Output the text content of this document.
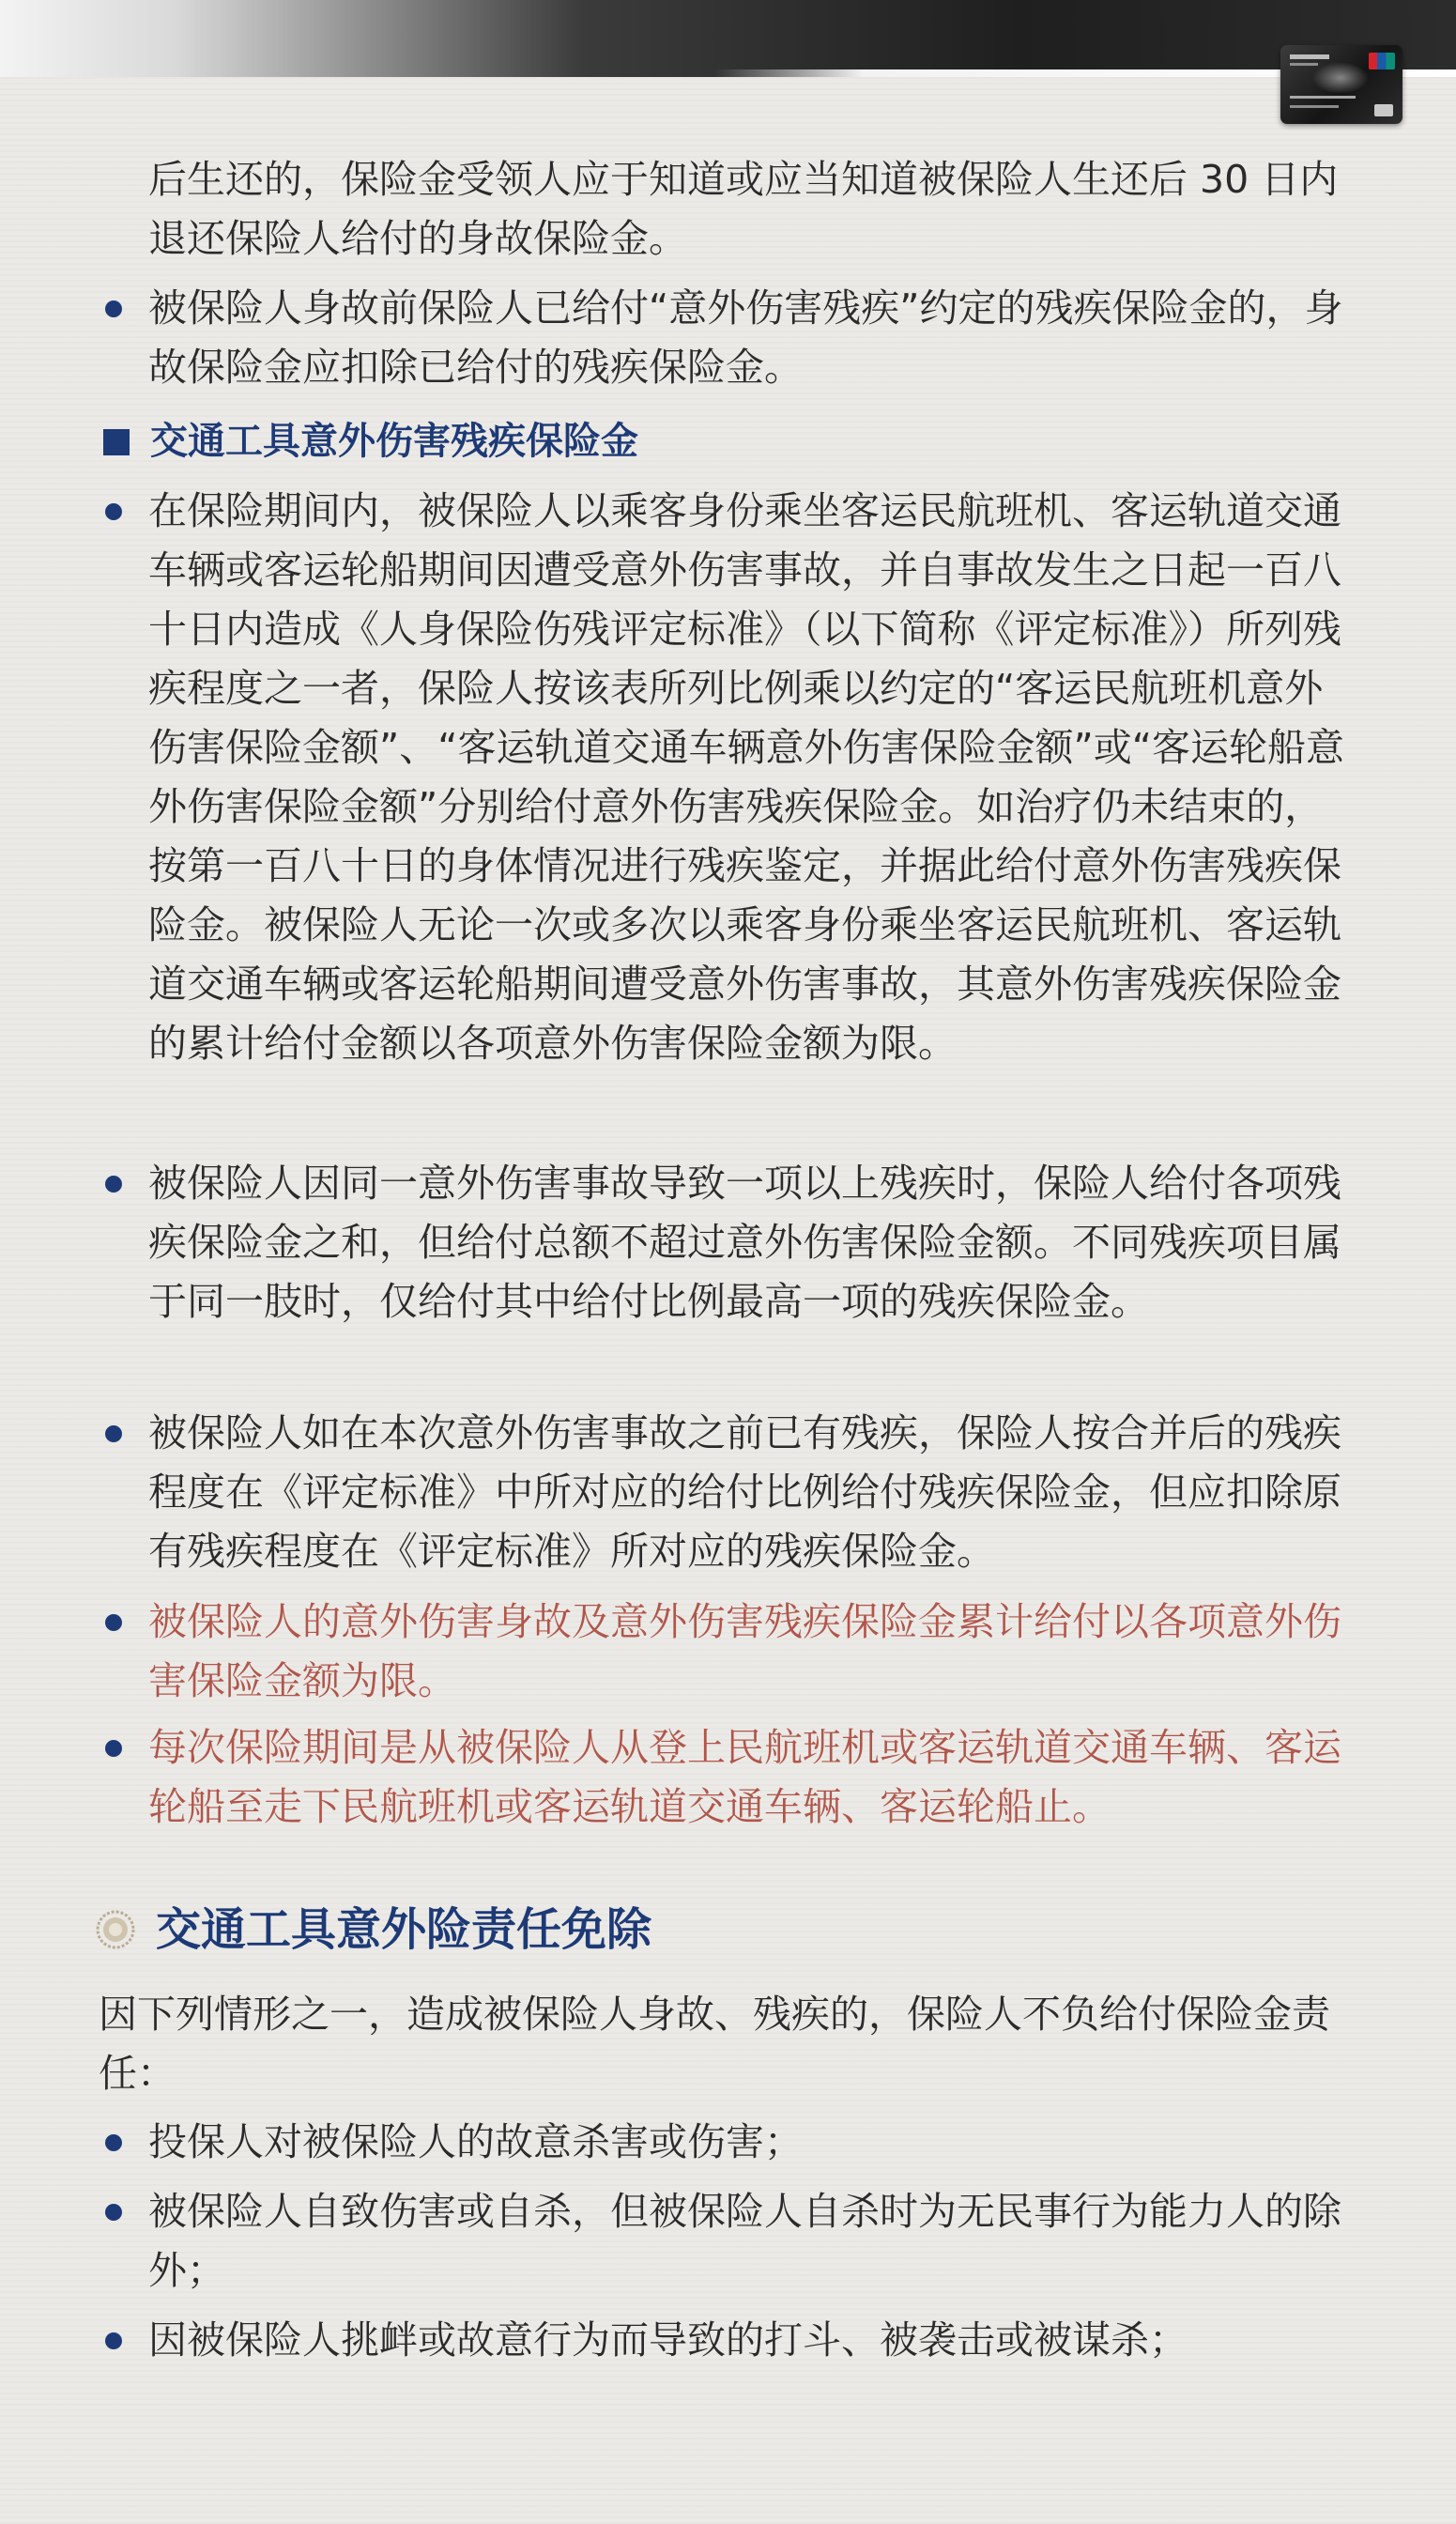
后生还的，保险金受领人应于知道或应当知道被保险人生还后 30 日内退还保险人给付的身故保险金。

被保险人身故前保险人已给付“意外伤害残疾”约定的残疾保险金的，身故保险金应扣除已给付的残疾保险金。

交通工具意外伤害残疾保险金

在保险期间内，被保险人以乘客身份乘坐客运民航班机、客运轨道交通车辆或客运轮船期间因遭受意外伤害事故，并自事故发生之日起一百八十日内造成《人身保险伤残评定标准》（以下简称《评定标准》）所列残疾程度之一者，保险人按该表所列比例乘以约定的“客运民航班机意外伤害保险金额”、“客运轨道交通车辆意外伤害保险金额”或“客运轮船意外伤害保险金额”分别给付意外伤害残疾保险金。如治疗仍未结束的，按第一百八十日的身体情况进行残疾鉴定，并据此给付意外伤害残疾保险金。被保险人无论一次或多次以乘客身份乘坐客运民航班机、客运轨道交通车辆或客运轮船期间遭受意外伤害事故，其意外伤害残疾保险金的累计给付金额以各项意外伤害保险金额为限。

被保险人因同一意外伤害事故导致一项以上残疾时，保险人给付各项残疾保险金之和，但给付总额不超过意外伤害保险金额。不同残疾项目属于同一肢时，仅给付其中给付比例最高一项的残疾保险金。

被保险人如在本次意外伤害事故之前已有残疾，保险人按合并后的残疾程度在《评定标准》中所对应的给付比例给付残疾保险金，但应扣除原有残疾程度在《评定标准》所对应的残疾保险金。

被保险人的意外伤害身故及意外伤害残疾保险金累计给付以各项意外伤害保险金额为限。

每次保险期间是从被保险人从登上民航班机或客运轨道交通车辆、客运轮船至走下民航班机或客运轨道交通车辆、客运轮船止。

交通工具意外险责任免除

因下列情形之一，造成被保险人身故、残疾的，保险人不负给付保险金责任：

投保人对被保险人的故意杀害或伤害；

被保险人自致伤害或自杀，但被保险人自杀时为无民事行为能力人的除外；

因被保险人挑衅或故意行为而导致的打斗、被袭击或被谋杀；
